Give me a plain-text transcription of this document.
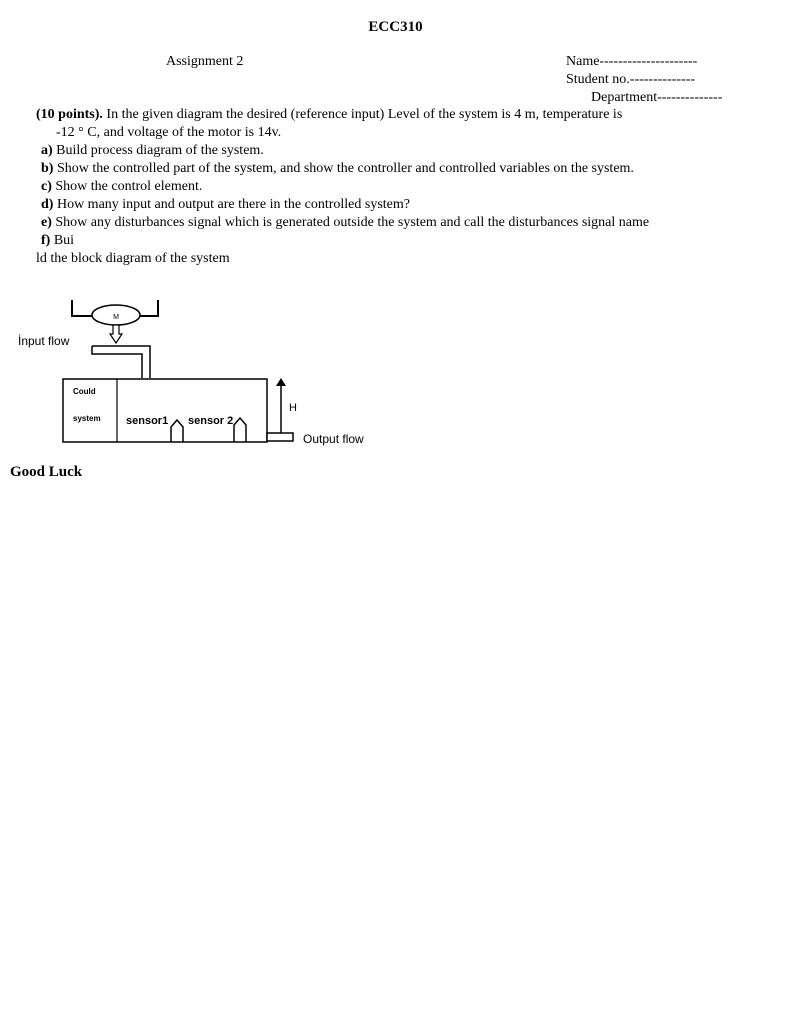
ECC310
Assignment 2	Name---------------------
Student no.--------------
Department--------------
(10 points). In the given diagram the desired (reference input) Level of the system is 4 m, temperature is
-12 ° C, and voltage of the motor is 14v.
a) Build process diagram of the system.
b) Show the controlled part of the system, and show the controller and controlled variables on the system.
c) Show the control element.
d) How many input and output are there in the controlled system?
e) Show any disturbances signal which is generated outside the system and call the disturbances signal name
f) Bui
ld the block diagram of the system
M
İnput flow
Could
system sensor1 sensor 2
H
Output flow
Good Luck
